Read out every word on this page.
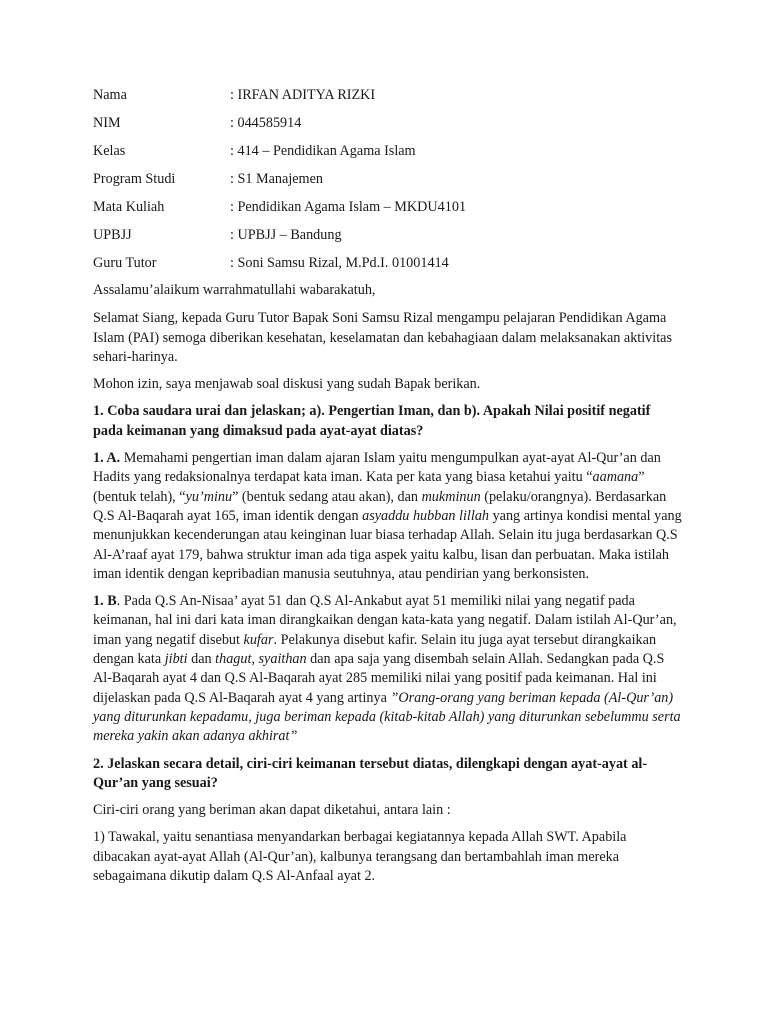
Nama	: IRFAN ADITYA RIZKI
NIM	: 044585914
Kelas	: 414 – Pendidikan Agama Islam
Program Studi	: S1 Manajemen
Mata Kuliah	: Pendidikan Agama Islam – MKDU4101
UPBJJ	: UPBJJ – Bandung
Guru Tutor	: Soni Samsu Rizal, M.Pd.I. 01001414

Assalamu’alaikum warrahmatullahi wabarakatuh,

Selamat Siang, kepada Guru Tutor Bapak Soni Samsu Rizal mengampu pelajaran Pendidikan Agama Islam (PAI) semoga diberikan kesehatan, keselamatan dan kebahagiaan dalam melaksanakan aktivitas sehari-harinya.

Mohon izin, saya menjawab soal diskusi yang sudah Bapak berikan.

1. Coba saudara urai dan jelaskan; a). Pengertian Iman, dan b). Apakah Nilai positif negatif pada keimanan yang dimaksud pada ayat-ayat diatas?

1. A. Memahami pengertian iman dalam ajaran Islam yaitu mengumpulkan ayat-ayat Al-Qur’an dan Hadits yang redaksionalnya terdapat kata iman. Kata per kata yang biasa ketahui yaitu “aamana” (bentuk telah), “yu’minu” (bentuk sedang atau akan), dan mukminun (pelaku/orangnya). Berdasarkan Q.S Al-Baqarah ayat 165, iman identik dengan asyaddu hubban lillah yang artinya kondisi mental yang menunjukkan kecenderungan atau keinginan luar biasa terhadap Allah. Selain itu juga berdasarkan Q.S Al-A’raaf ayat 179, bahwa struktur iman ada tiga aspek yaitu kalbu, lisan dan perbuatan. Maka istilah iman identik dengan kepribadian manusia seutuhnya, atau pendirian yang berkonsisten.

1. B. Pada Q.S An-Nisaa’ ayat 51 dan Q.S Al-Ankabut ayat 51 memiliki nilai yang negatif pada keimanan, hal ini dari kata iman dirangkaikan dengan kata-kata yang negatif. Dalam istilah Al-Qur’an, iman yang negatif disebut kufar. Pelakunya disebut kafir. Selain itu juga ayat tersebut dirangkaikan dengan kata jibti dan thagut, syaithan dan apa saja yang disembah selain Allah. Sedangkan pada Q.S Al-Baqarah ayat 4 dan Q.S Al-Baqarah ayat 285 memiliki nilai yang positif pada keimanan. Hal ini dijelaskan pada Q.S Al-Baqarah ayat 4 yang artinya ”Orang-orang yang beriman kepada (Al-Qur’an) yang diturunkan kepadamu, juga beriman kepada (kitab-kitab Allah) yang diturunkan sebelummu serta mereka yakin akan adanya akhirat”

2. Jelaskan secara detail, ciri-ciri keimanan tersebut diatas, dilengkapi dengan ayat-ayat al-Qur’an yang sesuai?

Ciri-ciri orang yang beriman akan dapat diketahui, antara lain :

1) Tawakal, yaitu senantiasa menyandarkan berbagai kegiatannya kepada Allah SWT. Apabila dibacakan ayat-ayat Allah (Al-Qur’an), kalbunya terangsang dan bertambahlah iman mereka sebagaimana dikutip dalam Q.S Al-Anfaal ayat 2.
